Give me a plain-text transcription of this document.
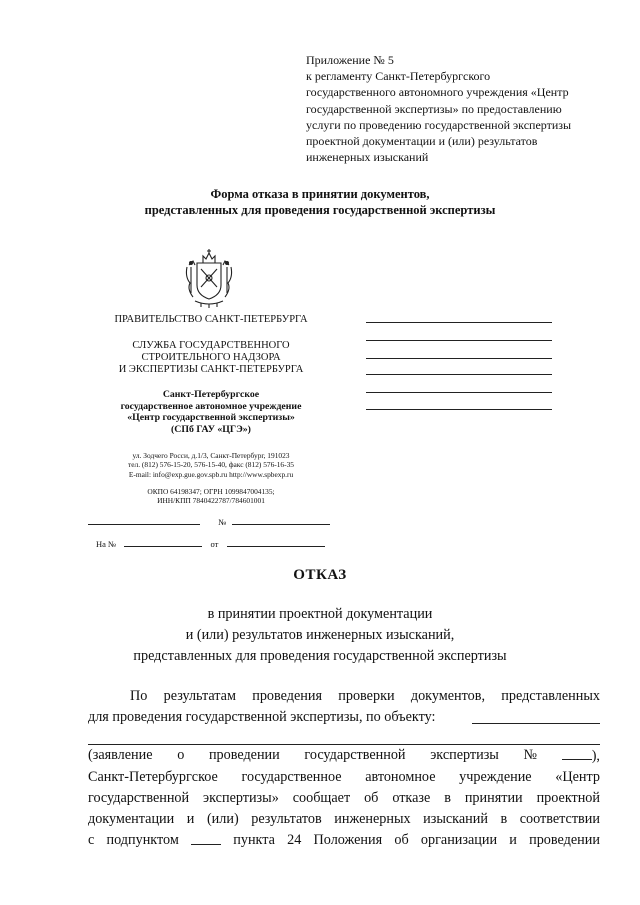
Приложение № 5
к регламенту Санкт-Петербургского
государственного автономного учреждения «Центр
государственной экспертизы» по предоставлению
услуги по проведению государственной экспертизы
проектной документации и (или) результатов
инженерных изысканий
Форма отказа в принятии документов,
представленных для проведения государственной экспертизы
ПРАВИТЕЛЬСТВО САНКТ-ПЕТЕРБУРГА
СЛУЖБА ГОСУДАРСТВЕННОГО
СТРОИТЕЛЬНОГО НАДЗОРА
И ЭКСПЕРТИЗЫ САНКТ-ПЕТЕРБУРГА
Санкт-Петербургское
государственное автономное учреждение
«Центр государственной экспертизы»
(СПб ГАУ «ЦГЭ»)
ул. Зодчего Росси, д.1/3, Санкт-Петербург, 191023
тел. (812) 576-15-20, 576-15-40, факс (812) 576-16-35
E-mail: info@exp.gue.gov.spb.ru http://www.spbexp.ru
ОКПО 64198347; ОГРН 1099847004135;
ИНН/КПП 7840422787/784601001
№
На №	от
ОТКАЗ
в принятии проектной документации
и (или) результатов инженерных изысканий,
представленных для проведения государственной экспертизы
По результатам проведения проверки документов, представленных
для проведения государственной экспертизы, по объекту:
(заявление о проведении государственной экспертизы №	),
Санкт-Петербургское государственное автономное учреждение «Центр
государственной экспертизы» сообщает об отказе в принятии проектной
документации и (или) результатов инженерных изысканий в соответствии
с подпунктом	пункта 24 Положения об организации и проведении
